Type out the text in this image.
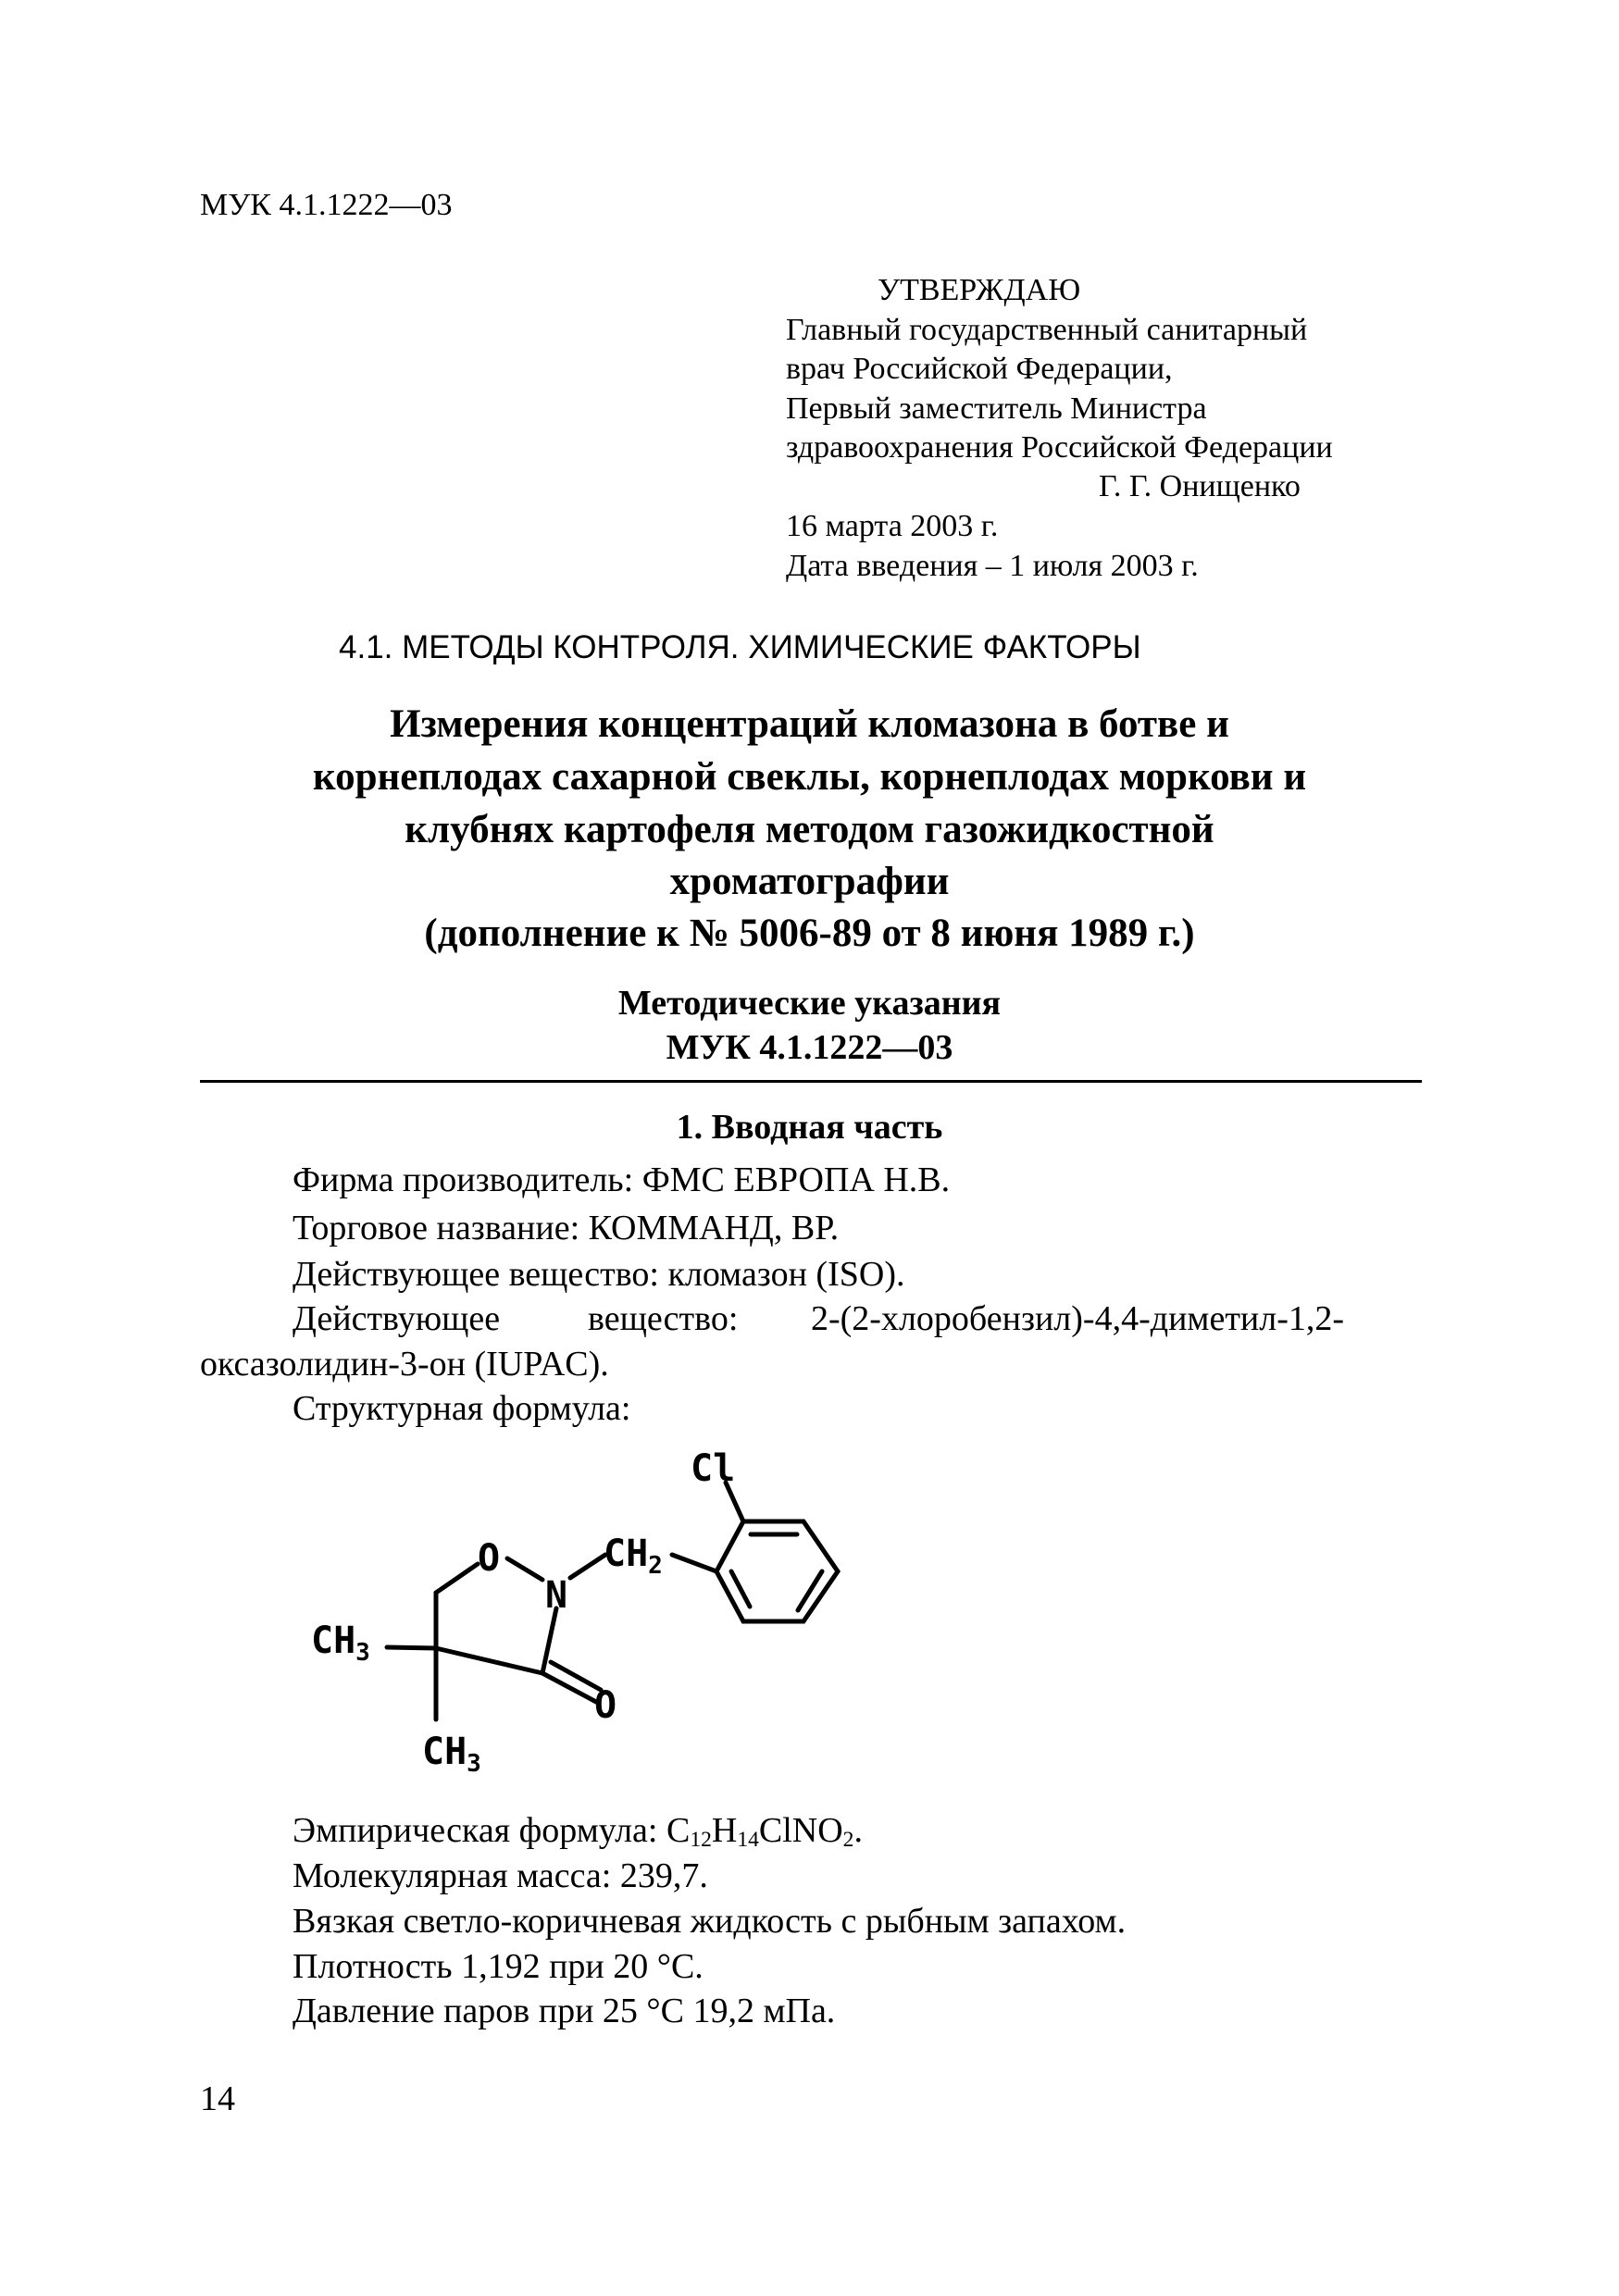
МУК 4.1.1222—03

УТВЕРЖДАЮ

Главный государственный санитарный

врач Российской Федерации,

Первый заместитель Министра

здравоохранения Российской Федерации

Г. Г. Онищенко

16 марта 2003 г.

Дата введения – 1 июля 2003 г.

4.1. МЕТОДЫ КОНТРОЛЯ. ХИМИЧЕСКИЕ ФАКТОРЫ

Измерения концентраций кломазона в ботве и

корнеплодах сахарной свеклы, корнеплодах моркови и

клубнях картофеля методом газожидкостной

хроматографии

(дополнение к № 5006-89 от 8 июня 1989 г.)

Методические указания

МУК 4.1.1222—03

1. Вводная часть

Фирма производитель: ФМС ЕВРОПА Н.В.

Торговое название: КОММАНД, ВР.

Действующее вещество: кломазон (ISO).

Действующее вещество: 2-(2-хлоробензил)-4,4-диметил-1,2-

оксазолидин-3-он (IUPAC).

Структурная формула:

Cl
O
N
$CH_2$
O
$CH_3$
$CH_3$

Эмпирическая формула: $C_{12}H_{14}ClNO_2$.

Молекулярная масса: 239,7.

Вязкая светло-коричневая жидкость с рыбным запахом.

Плотность 1,192 при 20 °С.

Давление паров при 25 °С 19,2 мПа.

14
